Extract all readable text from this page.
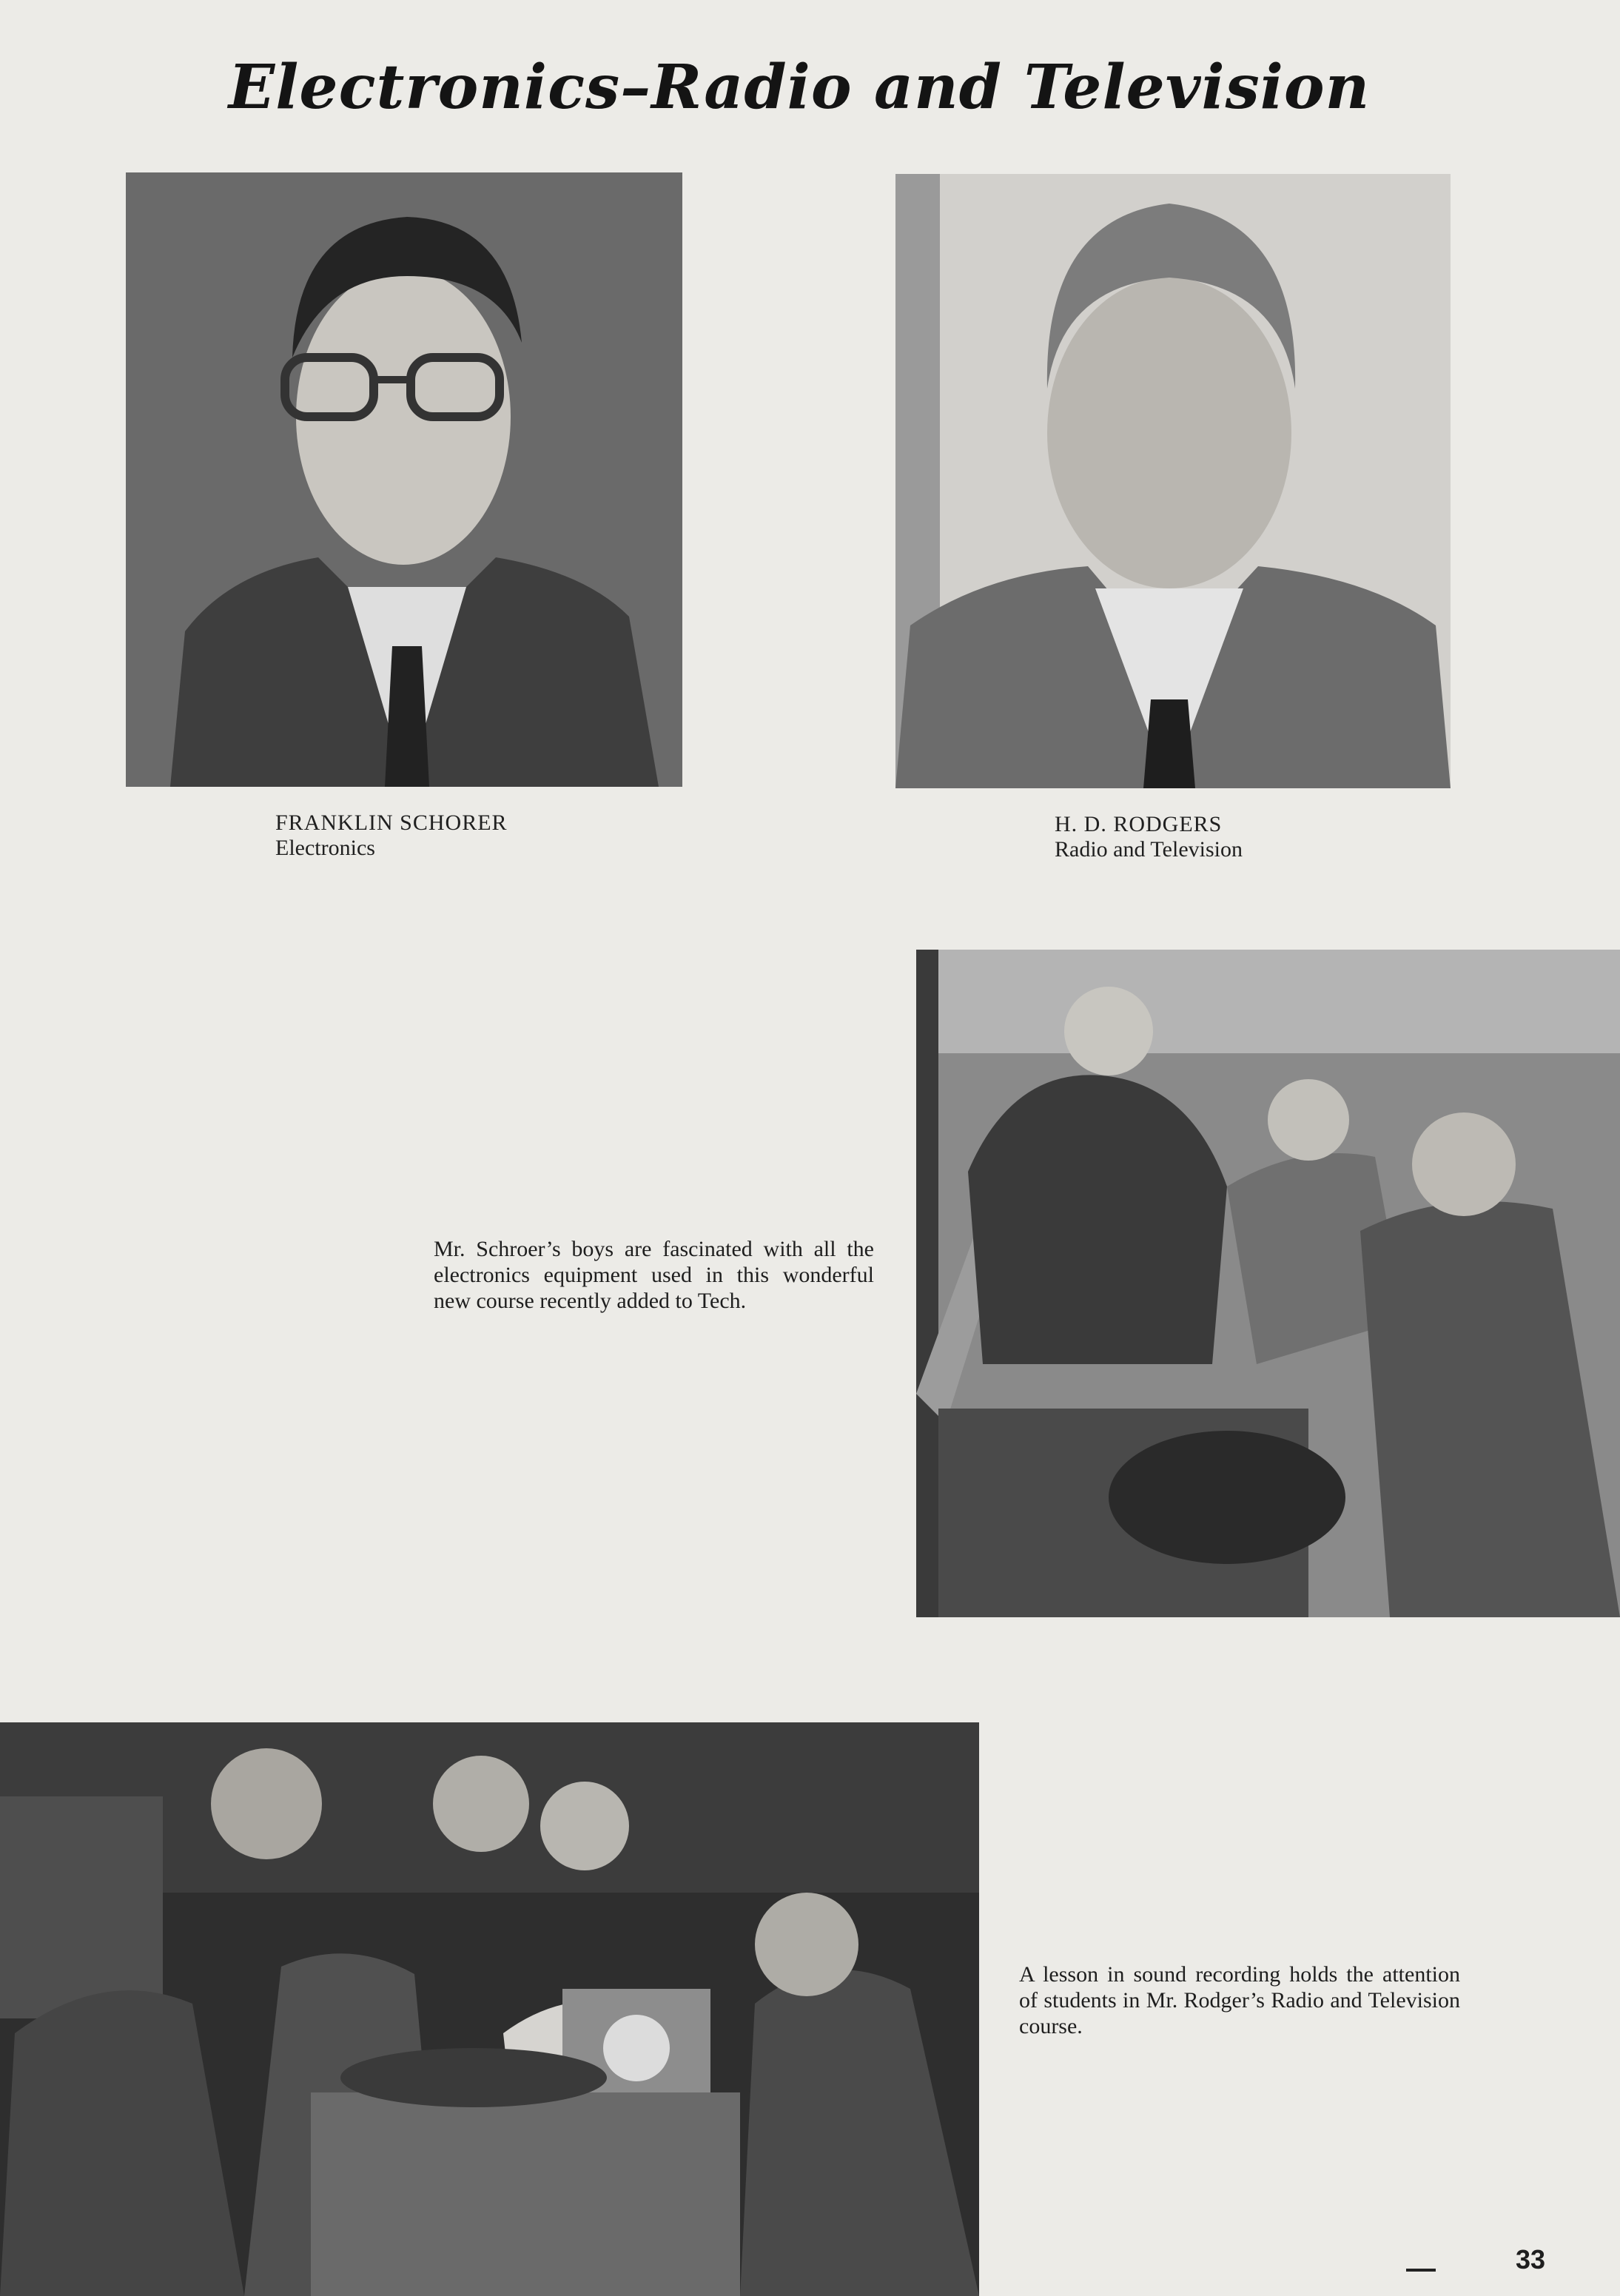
Electronics–Radio and Television
FRANKLIN SCHORER
Electronics
H. D. RODGERS
Radio and Television
Mr. Schroer’s boys are fascinated with all the electronics equipment used in this wonderful new course recently added to Tech.
A lesson in sound recording holds the attention of students in Mr. Rodger’s Radio and Television course.
33
